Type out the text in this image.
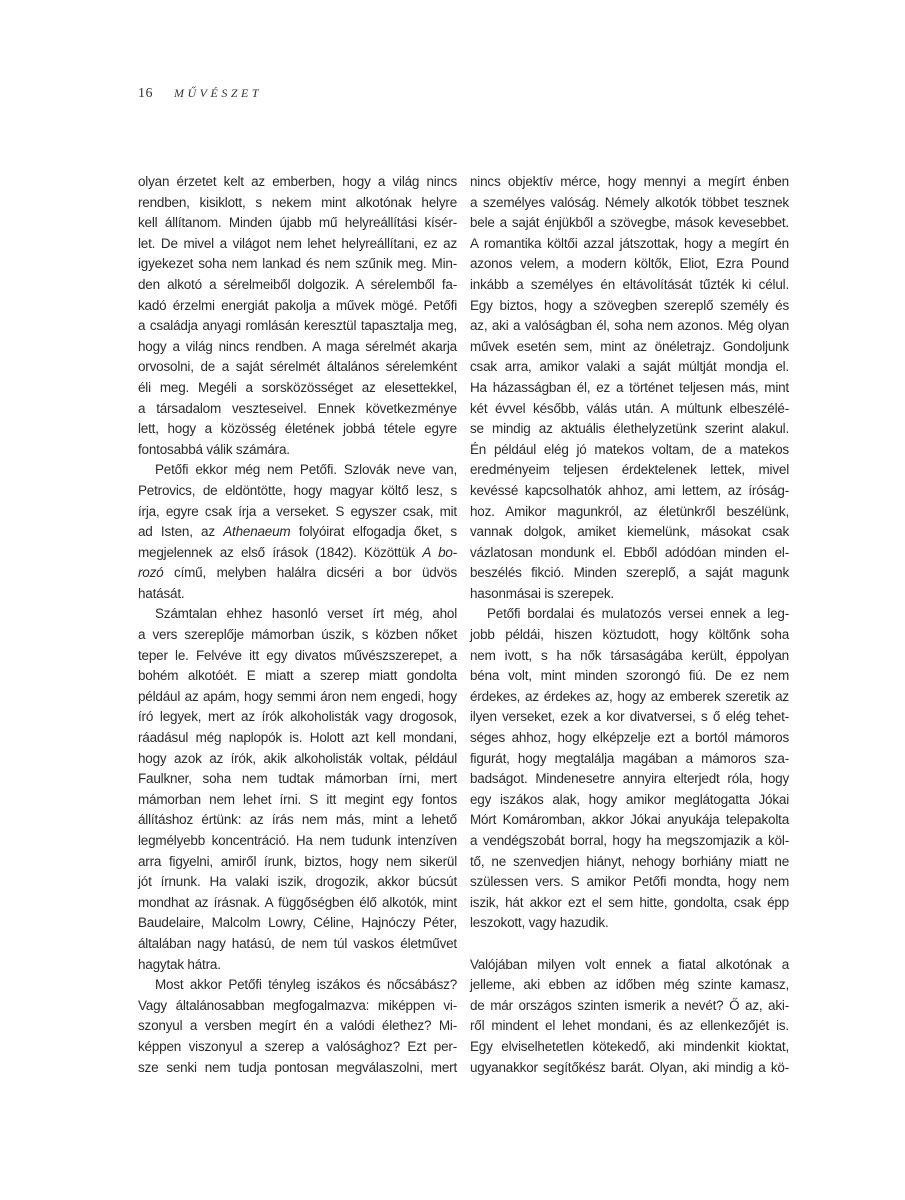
16 MŰVÉSZET
olyan érzetet kelt az emberben, hogy a világ nincs
rendben, kisiklott, s nekem mint alkotónak helyre
kell állítanom. Minden újabb mű helyreállítási kísér-
let. De mivel a világot nem lehet helyreállítani, ez az
igyekezet soha nem lankad és nem szűnik meg. Min-
den alkotó a sérelmeiből dolgozik. A sérelemből fa-
kadó érzelmi energiát pakolja a művek mögé. Petőfi
a családja anyagi romlásán keresztül tapasztalja meg,
hogy a világ nincs rendben. A maga sérelmét akarja
orvosolni, de a saját sérelmét általános sérelemként
éli meg. Megéli a sorsközösséget az elesettekkel,
a társadalom veszteseivel. Ennek következménye
lett, hogy a közösség életének jobbá tétele egyre
fontosabbá válik számára.
Petőfi ekkor még nem Petőfi. Szlovák neve van,
Petrovics, de eldöntötte, hogy magyar költő lesz, s
írja, egyre csak írja a verseket. S egyszer csak, mit
ad Isten, az Athenaeum folyóirat elfogadja őket, s
megjelennek az első írások (1842). Közöttük A bo-
rozó című, melyben halálra dicséri a bor üdvös
hatását.
Számtalan ehhez hasonló verset írt még, ahol
a vers szereplője mámorban úszik, s közben nőket
teper le. Felvéve itt egy divatos művészszerepet, a
bohém alkotóét. E miatt a szerep miatt gondolta
például az apám, hogy semmi áron nem engedi, hogy
író legyek, mert az írók alkoholisták vagy drogosok,
ráadásul még naplopók is. Holott azt kell mondani,
hogy azok az írók, akik alkoholisták voltak, például
Faulkner, soha nem tudtak mámorban írni, mert
mámorban nem lehet írni. S itt megint egy fontos
állításhoz értünk: az írás nem más, mint a lehető
legmélyebb koncentráció. Ha nem tudunk intenzíven
arra figyelni, amiről írunk, biztos, hogy nem sikerül
jót írnunk. Ha valaki iszik, drogozik, akkor búcsút
mondhat az írásnak. A függőségben élő alkotók, mint
Baudelaire, Malcolm Lowry, Céline, Hajnóczy Péter,
általában nagy hatású, de nem túl vaskos életművet
hagytak hátra.
Most akkor Petőfi tényleg iszákos és nőcsábász?
Vagy általánosabban megfogalmazva: miképpen vi-
szonyul a versben megírt én a valódi élethez? Mi-
képpen viszonyul a szerep a valósághoz? Ezt per-
sze senki nem tudja pontosan megválaszolni, mert
nincs objektív mérce, hogy mennyi a megírt énben
a személyes valóság. Némely alkotók többet tesznek
bele a saját énjükből a szövegbe, mások kevesebbet.
A romantika költői azzal játszottak, hogy a megírt én
azonos velem, a modern költők, Eliot, Ezra Pound
inkább a személyes én eltávolítását tűzték ki célul.
Egy biztos, hogy a szövegben szereplő személy és
az, aki a valóságban él, soha nem azonos. Még olyan
művek esetén sem, mint az önéletrajz. Gondoljunk
csak arra, amikor valaki a saját múltját mondja el.
Ha házasságban él, ez a történet teljesen más, mint
két évvel később, válás után. A múltunk elbeszélé-
se mindig az aktuális élethelyzetünk szerint alakul.
Én például elég jó matekos voltam, de a matekos
eredményeim teljesen érdektelenek lettek, mivel
kevéssé kapcsolhatók ahhoz, ami lettem, az íróság-
hoz. Amikor magunkról, az életünkről beszélünk,
vannak dolgok, amiket kiemelünk, másokat csak
vázlatosan mondunk el. Ebből adódóan minden el-
beszélés fikció. Minden szereplő, a saját magunk
hasonmásai is szerepek.
Petőfi bordalai és mulatozós versei ennek a leg-
jobb példái, hiszen köztudott, hogy költőnk soha
nem ivott, s ha nők társaságába került, éppolyan
béna volt, mint minden szorongó fiú. De ez nem
érdekes, az érdekes az, hogy az emberek szeretik az
ilyen verseket, ezek a kor divatversei, s ő elég tehet-
séges ahhoz, hogy elképzelje ezt a bortól mámoros
figurát, hogy megtalálja magában a mámoros sza-
badságot. Mindenesetre annyira elterjedt róla, hogy
egy iszákos alak, hogy amikor meglátogatta Jókai
Mórt Komáromban, akkor Jókai anyukája telepakolta
a vendégszobát borral, hogy ha megszomjazik a köl-
tő, ne szenvedjen hiányt, nehogy borhiány miatt ne
szülessen vers. S amikor Petőfi mondta, hogy nem
iszik, hát akkor ezt el sem hitte, gondolta, csak épp
leszokott, vagy hazudik.
Valójában milyen volt ennek a fiatal alkotónak a
jelleme, aki ebben az időben még szinte kamasz,
de már országos szinten ismerik a nevét? Ő az, aki-
ről mindent el lehet mondani, és az ellenkezőjét is.
Egy elviselhetetlen kötekedő, aki mindenkit kioktat,
ugyanakkor segítőkész barát. Olyan, aki mindig a kö-
